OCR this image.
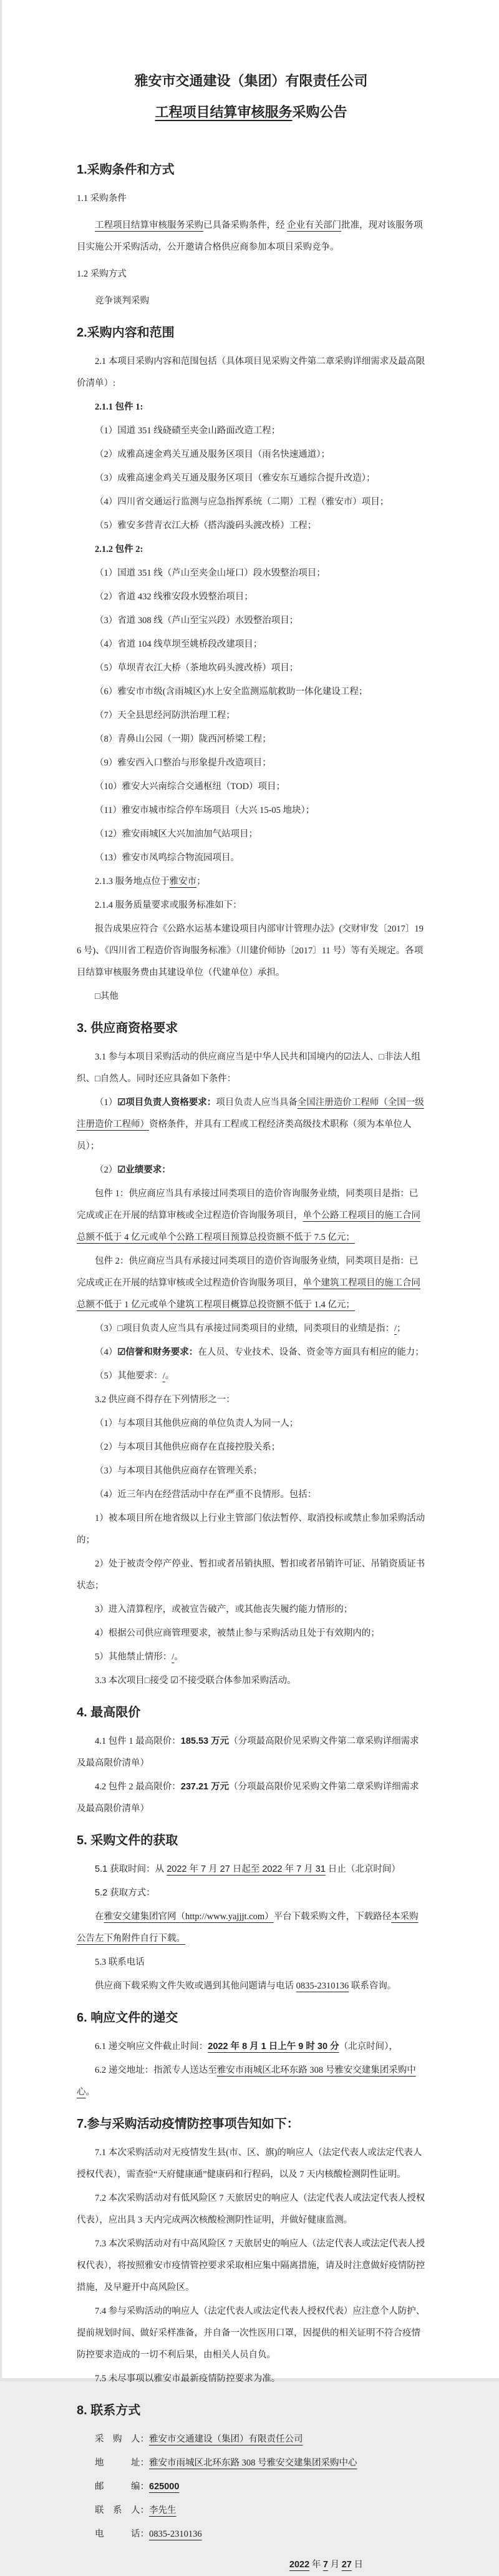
雅安市交通建设（集团）有限责任公司
工程项目结算审核服务采购公告
1.采购条件和方式
1.1 采购条件
工程项目结算审核服务采购已具备采购条件，经 企业有关部门批准，现对该服务项目实施公开采购活动，公开邀请合格供应商参加本项目采购竞争。
1.2 采购方式
竞争谈判采购
2.采购内容和范围
2.1 本项目采购内容和范围包括（具体项目见采购文件第二章采购详细需求及最高限价清单）:
2.1.1 包件 1:
（1）国道 351 线硗碛至夹金山路面改造工程；
（2）成雅高速金鸡关互通及服务区项目（雨名快速通道）；
（3）成雅高速金鸡关互通及服务区项目（雅安东互通综合提升改造）；
（4）四川省交通运行监测与应急指挥系统（二期）工程（雅安市）项目；
（5）雅安多营青衣江大桥（搭沟漩码头渡改桥）工程；
2.1.2 包件 2:
（1）国道 351 线（芦山至夹金山垭口）段水毁整治项目；
（2）省道 432 线雅安段水毁整治项目；
（3）省道 308 线（芦山至宝兴段）水毁整治项目；
（4）省道 104 线草坝至姚桥段改建项目；
（5）草坝青衣江大桥（茶地坎码头渡改桥）项目；
（6）雅安市市级(含雨城区)水上安全监测巡航救助一体化建设工程；
（7）天全县思经河防洪治理工程；
（8）青鼻山公园（一期）陇西河桥梁工程；
（9）雅安西入口整治与形象提升改造项目；
（10）雅安大兴南综合交通枢纽（TOD）项目；
（11）雅安市城市综合停车场项目（大兴 15-05 地块）；
（12）雅安雨城区大兴加油加气站项目；
（13）雅安市凤鸣综合物流园项目。
2.1.3 服务地点位于雅安市；
2.1.4 服务质量要求或服务标准如下：
报告成果应符合《公路水运基本建设项目内部审计管理办法》(交财审发〔2017〕196 号)、《四川省工程造价咨询服务标准》（川建价师协〔2017〕11 号）等有关规定。各项目结算审核服务费由其建设单位（代建单位）承担。
□其他
3. 供应商资格要求
3.1 参与本项目采购活动的供应商应当是中华人民共和国境内的☑法人、□非法人组织、□自然人。同时还应具备如下条件：
（1）☑项目负责人资格要求：项目负责人应当具备全国注册造价工程师（全国一级注册造价工程师）资格条件，并具有工程或工程经济类高级技术职称（须为本单位人员）；
（2）☑业绩要求：
包件 1：供应商应当具有承接过同类项目的造价咨询服务业绩，同类项目是指：已完成或正在开展的结算审核或全过程造价咨询服务项目，单个公路工程项目的施工合同总额不低于 4 亿元或单个公路工程项目预算总投资额不低于 7.5 亿元；
包件 2：供应商应当具有承接过同类项目的造价咨询服务业绩，同类项目是指：已完成或正在开展的结算审核或全过程造价咨询服务项目，单个建筑工程项目的施工合同总额不低于 1 亿元或单个建筑工程项目概算总投资额不低于 1.4 亿元；
（3）□项目负责人应当具有承接过同类项目的业绩，同类项目的业绩是指：/；
（4）☑信誉和财务要求：在人员、专业技术、设备、资金等方面具有相应的能力；
（5）其他要求：/。
3.2 供应商不得存在下列情形之一：
（1）与本项目其他供应商的单位负责人为同一人；
（2）与本项目其他供应商存在直接控股关系；
（3）与本项目其他供应商存在管理关系；
（4）近三年内在经营活动中存在严重不良情形。包括：
1）被本项目所在地省级以上行业主管部门依法暂停、取消投标或禁止参加采购活动的；
2）处于被责令停产停业、暂扣或者吊销执照、暂扣或者吊销许可证、吊销资质证书状态；
3）进入清算程序，或被宣告破产，或其他丧失履约能力情形的；
4）根据公司供应商管理要求，被禁止参与采购活动且处于有效期内的；
5）其他禁止情形：/。
3.3 本次项目□接受 ☑不接受联合体参加采购活动。
4. 最高限价
4.1 包件 1 最高限价：185.53 万元（分项最高限价见采购文件第二章采购详细需求及最高限价清单）
4.2 包件 2 最高限价：237.21 万元（分项最高限价见采购文件第二章采购详细需求及最高限价清单）
5. 采购文件的获取
5.1 获取时间：从 2022 年 7 月 27 日起至 2022 年 7 月 31 日止（北京时间）
5.2 获取方式：
在雅安交建集团官网（http://www.yajjjt.com）平台下载采购文件，下载路径本采购公告左下角附件自行下载。
5.3 联系电话
供应商下载采购文件失败或遇到其他问题请与电话 0835-2310136 联系咨询。
6. 响应文件的递交
6.1 递交响应文件截止时间：2022 年 8 月 1 日上午 9 时 30 分（北京时间），
6.2 递交地址：指派专人送达至雅安市雨城区北环东路 308 号雅安交建集团采购中心。
7.参与采购活动疫情防控事项告知如下：
7.1 本次采购活动对无疫情发生县(市、区、旗)的响应人（法定代表人或法定代表人授权代表），需查验“天府健康通”健康码和行程码，以及 7 天内核酸检测阴性证明。
7.2 本次采购活动对有低风险区 7 天旅居史的响应人（法定代表人或法定代表人授权代表），应出具 3 天内完成两次核酸检测阴性证明，并做好健康监测。
7.3 本次采购活动对有中高风险区 7 天旅居史的响应人（法定代表人或法定代表人授权代表），将按照雅安市疫情管控要求采取相应集中隔离措施，请及时注意做好疫情防控措施，及早避开中高风险区。
7.4 参与采购活动的响应人（法定代表人或法定代表人授权代表）应注意个人防护、提前规划时间、做好采样准备，并自备一次性医用口罩，因提供的相关证明不符合疫情防控要求造成的一切不利后果，由相关人员自负。
7.5 未尽事项以雅安市最新疫情防控要求为准。
8. 联系方式
采　购　人：雅安市交通建设（集团）有限责任公司
地　　　址：雅安市雨城区北环东路 308 号雅安交建集团采购中心
邮　　　编：625000
联　系　人：李先生
电　　　话：0835-2310136
2022 年 7 月 27 日
